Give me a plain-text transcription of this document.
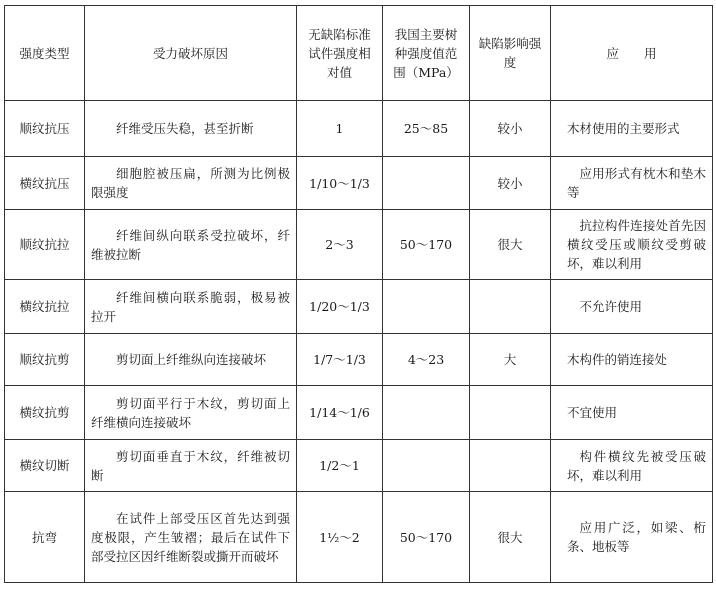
强度类型	受力破坏原因	无缺陷标准试件强度相对值	我国主要树种强度值范围（MPa）	缺陷影响强度	应　　用
顺纹抗压	纤维受压失稳，甚至折断	1	25～85	较小	木材使用的主要形式
横纹抗压	细胞腔被压扁，所测为比例极限强度	1/10～1/3		较小	应用形式有枕木和垫木等
顺纹抗拉	纤维间纵向联系受拉破坏，纤维被拉断	2～3	50～170	很大	抗拉构件连接处首先因横纹受压或顺纹受剪破坏，难以利用
横纹抗拉	纤维间横向联系脆弱，极易被拉开	1/20～1/3			不允许使用
顺纹抗剪	剪切面上纤维纵向连接破坏	1/7～1/3	4～23	大	木构件的销连接处
横纹抗剪	剪切面平行于木纹，剪切面上纤维横向连接破坏	1/14～1/6			不宜使用
横纹切断	剪切面垂直于木纹，纤维被切断	1/2～1			构件横纹先被受压破坏，难以利用
抗弯	在试件上部受压区首先达到强度极限，产生皱褶；最后在试件下部受拉区因纤维断裂或撕开而破坏	1½～2	50～170	很大	应用广泛，如梁、桁条、地板等
